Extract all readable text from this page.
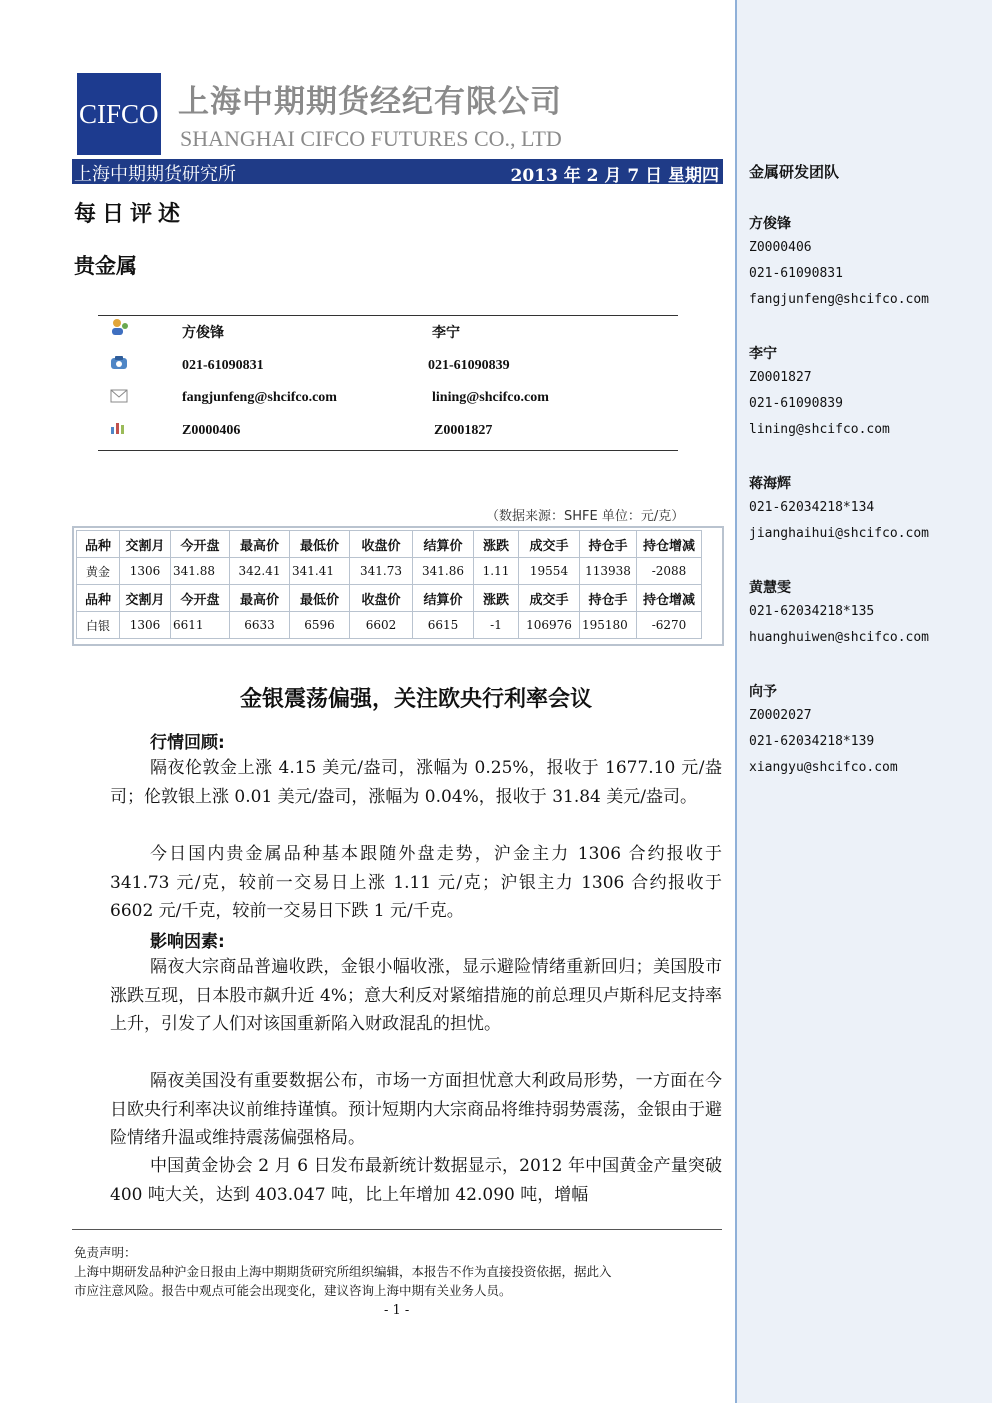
金属研发团队
方俊锋
Z0000406
021-61090831
fangjunfeng@shcifco.com
李宁
Z0001827
021-61090839
lining@shcifco.com
蒋海辉
021-62034218*134
jianghaihui@shcifco.com
黄慧雯
021-62034218*135
huanghuiwen@shcifco.com
向予
Z0002027
021-62034218*139
xiangyu@shcifco.com
CIFCO 上海中期期货经纪有限公司
SHANGHAI CIFCO FUTURES CO., LTD
上海中期期货研究所	2013 年 2 月 7 日 星期四
每日评述
贵金属
方俊锋	李宁
021-61090831	021-61090839
fangjunfeng@shcifco.com	lining@shcifco.com
Z0000406	Z0001827
（数据来源：SHFE 单位：元/克）
品种	交割月	今开盘	最高价	最低价	收盘价	结算价	涨跌	成交手	持仓手	持仓增减
黄金	1306	341.88	342.41	341.41	341.73	341.86	1.11	19554	113938	-2088
品种	交割月	今开盘	最高价	最低价	收盘价	结算价	涨跌	成交手	持仓手	持仓增减
白银	1306	6611	6633	6596	6602	6615	-1	106976	195180	-6270
金银震荡偏强，关注欧央行利率会议
行情回顾:
隔夜伦敦金上涨 4.15 美元/盎司，涨幅为 0.25%，报收于 1677.10 元/盎司；伦敦银上涨 0.01 美元/盎司，涨幅为 0.04%，报收于 31.84 美元/盎司。
今日国内贵金属品种基本跟随外盘走势，沪金主力 1306 合约报收于 341.73 元/克，较前一交易日上涨 1.11 元/克；沪银主力 1306 合约报收于 6602 元/千克，较前一交易日下跌 1 元/千克。
影响因素:
隔夜大宗商品普遍收跌，金银小幅收涨，显示避险情绪重新回归；美国股市涨跌互现，日本股市飙升近 4%；意大利反对紧缩措施的前总理贝卢斯科尼支持率上升，引发了人们对该国重新陷入财政混乱的担忧。
隔夜美国没有重要数据公布，市场一方面担忧意大利政局形势，一方面在今日欧央行利率决议前维持谨慎。预计短期内大宗商品将维持弱势震荡，金银由于避险情绪升温或维持震荡偏强格局。
中国黄金协会 2 月 6 日发布最新统计数据显示，2012 年中国黄金产量突破 400 吨大关，达到 403.047 吨，比上年增加 42.090 吨，增幅
免责声明：
上海中期研发品种沪金日报由上海中期期货研究所组织编辑，本报告不作为直接投资依据，据此入
市应注意风险。报告中观点可能会出现变化，建议咨询上海中期有关业务人员。
- 1 -
